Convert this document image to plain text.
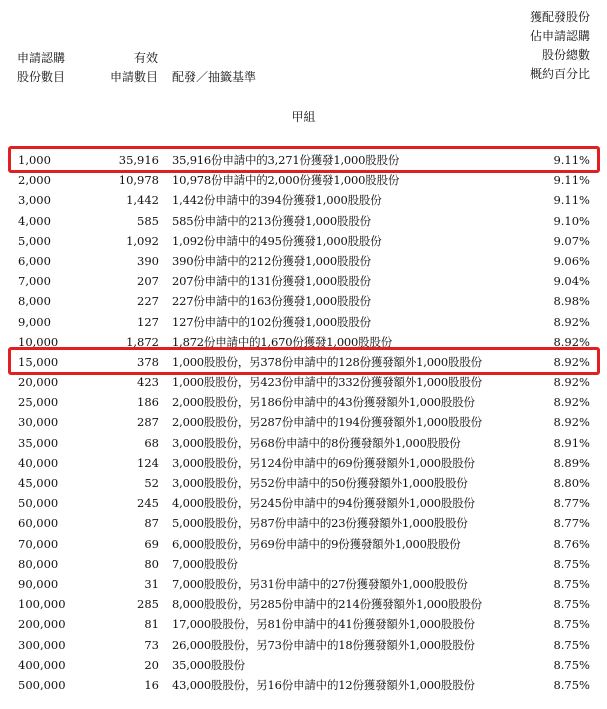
申請認購
股份數目
有效
申請數目 配發／抽籤基準
獲配發股份
佔申請認購
股份總數
概約百分比
甲組
1,000	35,916 35,916份申請中的3,271份獲發1,000股股份	9.11%
2,000	10,978 10,978份申請中的2,000份獲發1,000股股份	9.11%
3,000	1,442 1,442份申請中的394份獲發1,000股股份	9.11%
4,000	585 585份申請中的213份獲發1,000股股份	9.10%
5,000	1,092 1,092份申請中的495份獲發1,000股股份	9.07%
6,000	390 390份申請中的212份獲發1,000股股份	9.06%
7,000	207 207份申請中的131份獲發1,000股股份	9.04%
8,000	227 227份申請中的163份獲發1,000股股份	8.98%
9,000	127 127份申請中的102份獲發1,000股股份	8.92%
10,000	1,872 1,872份申請中的1,670份獲發1,000股股份	8.92%
15,000	378 1,000股股份，另378份申請中的128份獲發額外1,000股股份	8.92%
20,000	423 1,000股股份，另423份申請中的332份獲發額外1,000股股份	8.92%
25,000	186 2,000股股份，另186份申請中的43份獲發額外1,000股股份	8.92%
30,000	287 2,000股股份，另287份申請中的194份獲發額外1,000股股份	8.92%
35,000	68 3,000股股份，另68份申請中的8份獲發額外1,000股股份	8.91%
40,000	124 3,000股股份，另124份申請中的69份獲發額外1,000股股份	8.89%
45,000	52 3,000股股份，另52份申請中的50份獲發額外1,000股股份	8.80%
50,000	245 4,000股股份，另245份申請中的94份獲發額外1,000股股份	8.77%
60,000	87 5,000股股份，另87份申請中的23份獲發額外1,000股股份	8.77%
70,000	69 6,000股股份，另69份申請中的9份獲發額外1,000股股份	8.76%
80,000	80 7,000股股份	8.75%
90,000	31 7,000股股份，另31份申請中的27份獲發額外1,000股股份	8.75%
100,000	285 8,000股股份，另285份申請中的214份獲發額外1,000股股份	8.75%
200,000	81 17,000股股份，另81份申請中的41份獲發額外1,000股股份	8.75%
300,000	73 26,000股股份，另73份申請中的18份獲發額外1,000股股份	8.75%
400,000	20 35,000股股份	8.75%
500,000	16 43,000股股份，另16份申請中的12份獲發額外1,000股股份	8.75%
